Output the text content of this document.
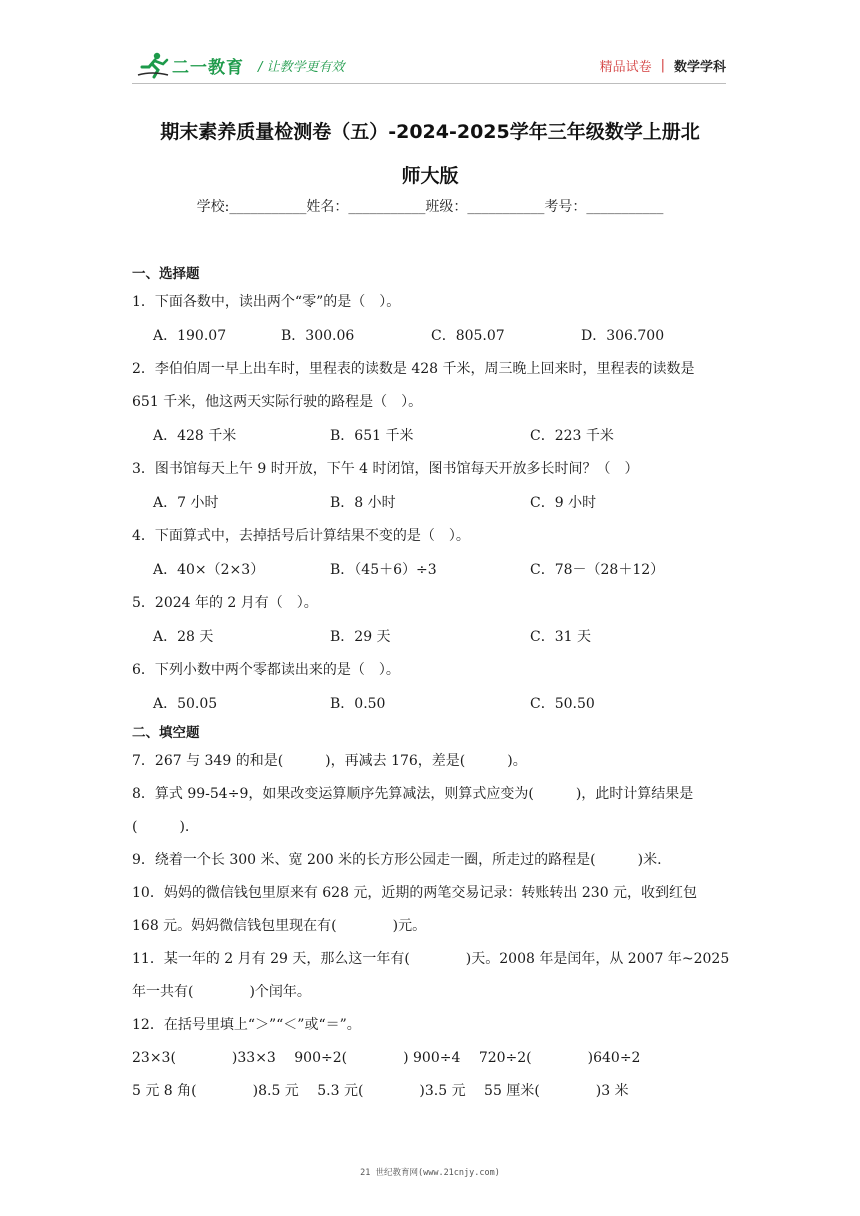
二一教育 / 让教学更有效	精品试卷 | 数学学科
期末素养质量检测卷（五）-2024-2025学年三年级数学上册北
师大版
学校:___________姓名：___________班级：___________考号：___________
一、选择题
1．下面各数中，读出两个“零”的是（　）。
A．190.07	B．300.06	C．805.07	D．306.700
2．李伯伯周一早上出车时，里程表的读数是 428 千米，周三晚上回来时，里程表的读数是
651 千米，他这两天实际行驶的路程是（　）。
A．428 千米	B．651 千米	C．223 千米
3．图书馆每天上午 9 时开放，下午 4 时闭馆，图书馆每天开放多长时间？（　）
A．7 小时	B．8 小时	C．9 小时
4．下面算式中，去掉括号后计算结果不变的是（　）。
A．40×（2×3）	B．（45＋6）÷3	C．78－（28＋12）
5．2024 年的 2 月有（　）。
A．28 天	B．29 天	C．31 天
6．下列小数中两个零都读出来的是（　）。
A．50.05	B．0.50	C．50.50
二、填空题
7．267 与 349 的和是(　　　)，再减去 176，差是(　　　)。
8．算式 99-54÷9，如果改变运算顺序先算减法，则算式应变为(　　　)，此时计算结果是
(　　　).
9．绕着一个长 300 米、宽 200 米的长方形公园走一圈，所走过的路程是(　　　)米.
10．妈妈的微信钱包里原来有 628 元，近期的两笔交易记录：转账转出 230 元，收到红包
168 元。妈妈微信钱包里现在有(　　　　)元。
11．某一年的 2 月有 29 天，那么这一年有(　　　　)天。2008 年是闰年，从 2007 年~2025
年一共有(　　　　)个闰年。
12．在括号里填上“＞”“＜”或“＝”。
23×3(　　　　)33×3　 900÷2(　　　　) 900÷4　 720÷2(　　　　)640÷2
5 元 8 角(　　　　)8.5 元　 5.3 元(　　　　)3.5 元　 55 厘米(　　　　)3 米
21 世纪教育网(www.21cnjy.com)
